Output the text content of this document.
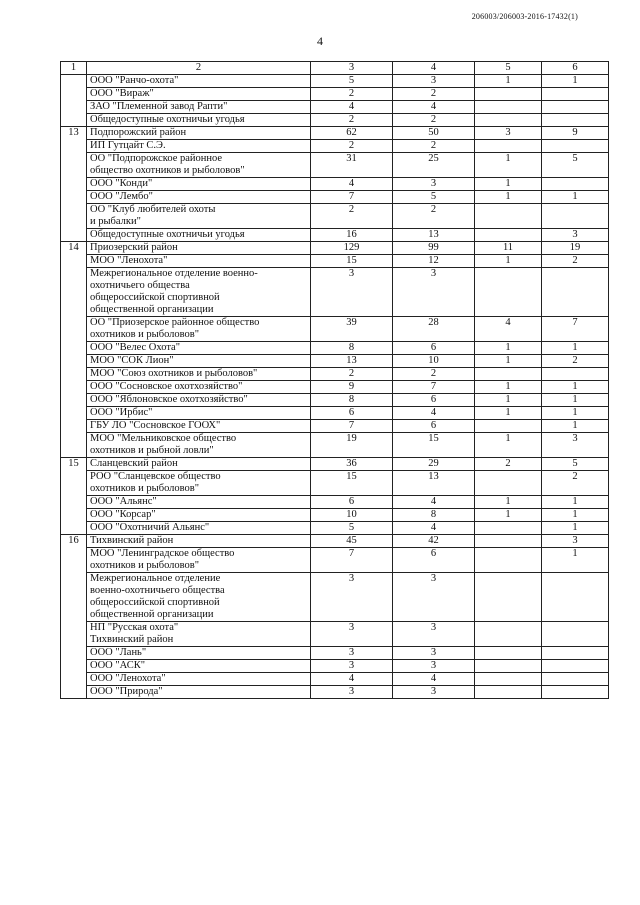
206003/206003-2016-17432(1)
4
1	2	3	4	5	6
	ООО "Ранчо-охота"	5	3	1	1
	ООО "Вираж"	2	2		
	ЗАО "Племенной завод Рапти"	4	4		
	Общедоступные охотничьи угодья	2	2		
13	Подпорожский район	62	50	3	9
	ИП Гутцайт С.Э.	2	2		
	ОО "Подпорожское районное
общество охотников и рыболовов"	31	25	1	5
	ООО "Конди"	4	3	1	
	ООО "Лембо"	7	5	1	1
	ОО "Клуб любителей охоты
и рыбалки"	2	2		
	Общедоступные охотничьи угодья	16	13		3
14	Приозерский район	129	99	11	19
	МОО "Ленохота"	15	12	1	2
	Межрегиональное отделение военно-
охотничьего общества
общероссийской спортивной
общественной организации	3	3		
	ОО "Приозерское районное общество
охотников и рыболовов"	39	28	4	7
	ООО "Велес Охота"	8	6	1	1
	МОО "СОК Лион"	13	10	1	2
	МОО "Союз охотников и рыболовов"	2	2		
	ООО "Сосновское охотхозяйство"	9	7	1	1
	ООО "Яблоновское охотхозяйство"	8	6	1	1
	ООО "Ирбис"	6	4	1	1
	ГБУ ЛО "Сосновское ГООХ"	7	6		1
	МОО "Мельниковское общество
охотников и рыбной ловли"	19	15	1	3
15	Сланцевский район	36	29	2	5
	РОО "Сланцевское общество
охотников и рыболовов"	15	13		2
	ООО "Альянс"	6	4	1	1
	ООО "Корсар"	10	8	1	1
	ООО "Охотничий Альянс"	5	4		1
16	Тихвинский район	45	42		3
	МОО "Ленинградское общество
охотников и рыболовов"	7	6		1
	Межрегиональное отделение
военно-охотничьего общества
общероссийской спортивной
общественной организации	3	3		
	НП "Русская охота"
Тихвинский район	3	3		
	ООО "Лань"	3	3		
	ООО "АСК"	3	3		
	ООО "Ленохота"	4	4		
	ООО "Природа"	3	3		
